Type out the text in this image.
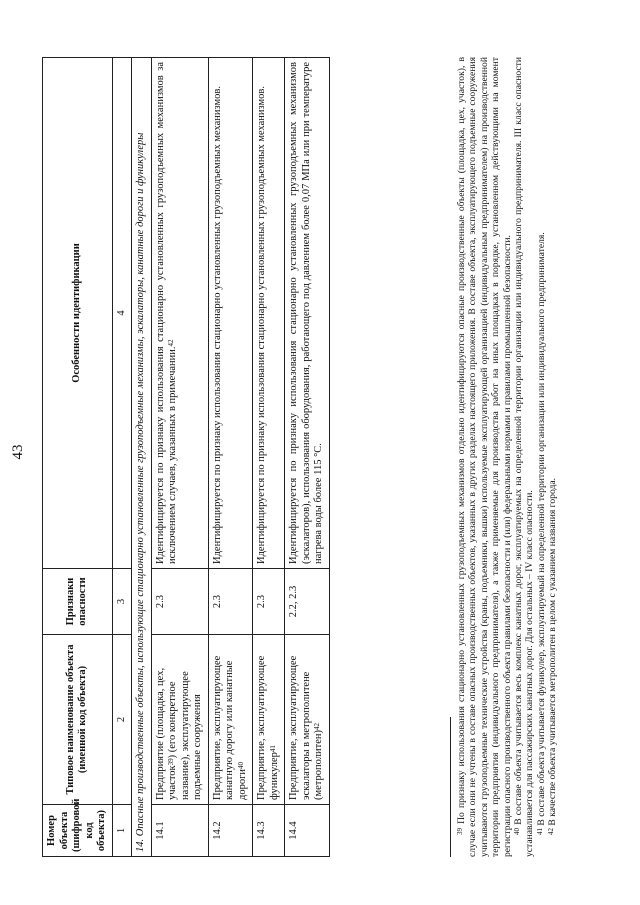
43
Номер объекта (шифровой код объекта)	Типовое наименование объекта (именной код объекта)	Признаки опасности	Особенности идентификации
1	2	3	4
14. Опасные производственные объекты, использующие стационарно установленные грузоподъемные механизмы, эскалаторы, канатные дороги и фуникулеры			
14.1	Предприятие (площадка, цех, участок$^{39}$) (его конкретное название), эксплуатирующее подъемные сооружения	2.3	Идентифицируется по признаку использования стационарно установленных грузоподъемных механизмов за исключением случаев, указанных в примечании.$^{42}$
14.2	Предприятие, эксплуатирующее канатную дорогу или канатные дороги$^{40}$	2.3	Идентифицируется по признаку использования стационарно установленных грузоподъемных механизмов.
14.3	Предприятие, эксплуатирующее фуникулер$^{41}$	2.3	Идентифицируется по признаку использования стационарно установленных грузоподъемных механизмов.
14.4	Предприятие, эксплуатирующее эскалаторы в метрополитене (метрополитен)$^{42}$	2.2, 2.3	Идентифицируется по признаку использования стационарно установленных грузоподъемных механизмов (эскалаторов), использования оборудования, работающего под давлением более 0,07 МПа или при температуре нагрева воды более 115 °С.

$^{39}$ По признаку использования стационарно установленных грузоподъемных механизмов отдельно идентифицируются опасные производственные объекты (площадка, цех, участок), в случае если они не учтены в составе опасных производственных объектов, указанных в других разделах настоящего приложения. В составе объекта, эксплуатирующего подъемные сооружения учитываются грузоподъемные технические устройства (краны, подъемники, вышки) используемые эксплуатирующей организацией (индивидуальным предпринимателем) на производственной территории предприятия (индивидуального предпринимателя), а также применяемые для производства работ на иных площадках в порядке, установленном действующими на момент регистрации опасного производственного объекта правилами безопасности и (или) федеральными нормами и правилами промышленной безопасности. $^{40}$ В составе объекта учитывается весь комплекс канатных дорог, эксплуатируемых на определенной территории организации или индивидуального предпринимателя. III класс опасности устанавливается для пассажирских канатных дорог. Для остальных – IV класс опасности. $^{41}$ В составе объекта учитывается фуникулер, эксплуатируемый на определенной территории организации или индивидуального предпринимателя.

$^{42}$ В качестве объекта учитывается метрополитен в целом с указанием названия города.
